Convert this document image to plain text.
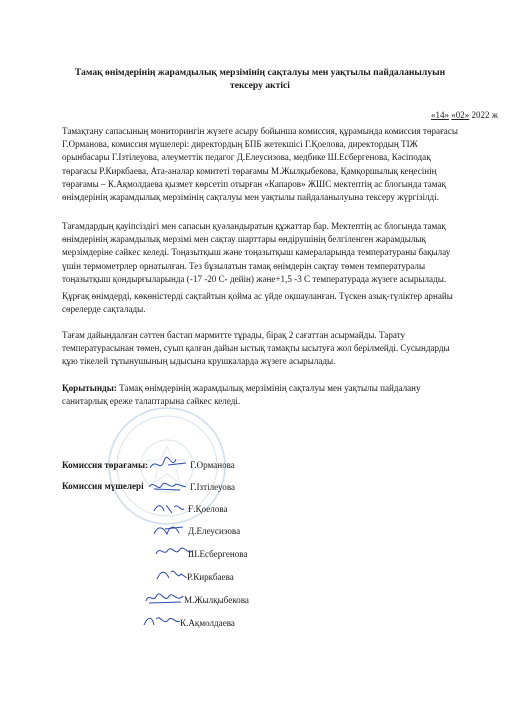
Тамақ өнімдерінің жарамдылық мерзімінің сақталуы мен уақтылы пайдаланылуын тексеру актісі
«14» «02» 2022 ж
Тамақтану сапасының мониторингін жүзеге асыру бойынша комиссия, құрамында комиссия төрағасы Г.Орманова, комиссия мүшелері: директордың БПБ жетекшісі Г.Қоелова, директордың ТІЖ орынбасары Г.Ізтілеуова, әлеуметтік педагог Д.Елеусизова, медбике Ш.Есбергенова, Кәсіподақ төрағасы Р.Киркбаева, Ата-аналар комитеті төрағамы М.Жылқыбекова, Қамқоршылық кеңесінің төрағамы – К.Ақмолдаева қызмет көрсетіп отырған «Капаров» ЖШС мектептің ас блогында тамақ өнімдерінің жарамдылық мерзімінің сақталуы мен уақтылы пайдаланылуына тексеру жүргізілді.
Тағамдардың қауіпсіздігі мен сапасын қуәландыратын құжаттар бар. Мектептің ас блогында тамақ өнімдерінің жарамдылық мерзімі мен сақтау шарттары өндірушінің белгіленген жарамдылық мерзімдеріне сәйкес келеді. Тоңазытқыш және тоңазытқыш камераларында температураны бақылау үшін термометрлер орнатылған. Тез бұзылатын тамақ өнімдерін сақтау төмен температуралы тоңазытқыш қондырғыларында (-17 -20 С- дейін) және+1,5 -3 С температурада жүзеге асырылады.
Құрғақ өнімдерді, көкөністерді сақтайтын қойма ас үйде оқшауланған. Түскен азық-түліктер арнайы сөрелерде сақталады.
Тағам дайындалған сәттен бастап мармитте тұрады, бірақ 2 сағаттан асырмайды. Тарату температурасынан төмен, суып қалған дайын ыстық тамақты ысытуға жол берілмейді. Сусындарды құю тікелей тұтынушының ыдысына крушкаларда жүзеге асырылады.
Қорытынды: Тамақ өнімдерінің жарамдылық мерзімінің сақталуы мен уақтылы пайдалану санитарлық ереже талаптарына сәйкес келеді.
Комиссия төрағамы:
Комиссия мүшелері
Г.Орманова
Г.Ізтілеуова
Ғ.Қоелова
Д.Елеусизова
Ш.Есбергенова
Р.Киркбаева
М.Жылқыбекова
К.Ақмолдаева
